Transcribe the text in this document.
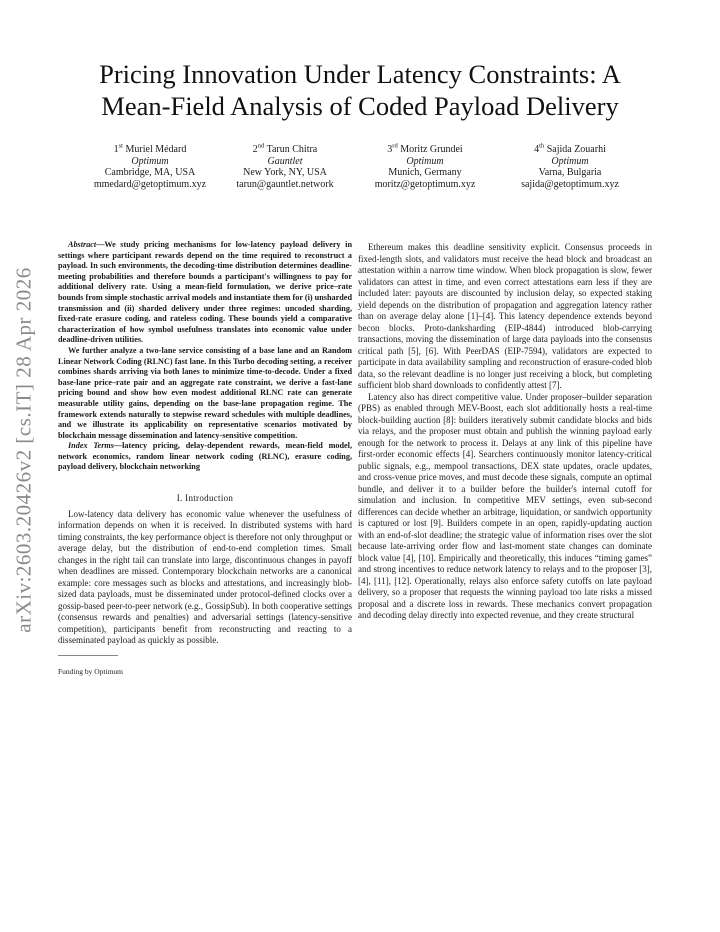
arXiv:2603.20426v2 [cs.IT] 28 Apr 2026
Pricing Innovation Under Latency Constraints: A
Mean-Field Analysis of Coded Payload Delivery
1st Muriel Médard
Optimum
Cambridge, MA, USA
mmedard@getoptimum.xyz
2nd Tarun Chitra
Gauntlet
New York, NY, USA
tarun@gauntlet.network
3rd Moritz Grundei
Optimum
Munich, Germany
moritz@getoptimum.xyz
4th Sajida Zouarhi
Optimum
Varna, Bulgaria
sajida@getoptimum.xyz

Abstract—We study pricing mechanisms for low-latency payload delivery in settings where participant rewards depend on the time required to reconstruct a payload. In such environments, the decoding-time distribution determines deadline-meeting probabilities and therefore bounds a participant's willingness to pay for additional delivery rate. Using a mean-field formulation, we derive price–rate bounds from simple stochastic arrival models and instantiate them for (i) unsharded transmission and (ii) sharded delivery under three regimes: uncoded sharding, fixed-rate erasure coding, and rateless coding. These bounds yield a comparative characterization of how symbol usefulness translates into economic value under deadline-driven utilities.

We further analyze a two-lane service consisting of a base lane and an Random Linear Network Coding (RLNC) fast lane. In this Turbo decoding setting, a receiver combines shards arriving via both lanes to minimize time-to-decode. Under a fixed base-lane price–rate pair and an aggregate rate constraint, we derive a fast-lane pricing bound and show how even modest additional RLNC rate can generate measurable utility gains, depending on the base-lane propagation regime. The framework extends naturally to stepwise reward schedules with multiple deadlines, and we illustrate its applicability on representative scenarios motivated by blockchain message dissemination and latency-sensitive competition.

Index Terms—latency pricing, delay-dependent rewards, mean-field model, network economics, random linear network coding (RLNC), erasure coding, payload delivery, blockchain networking

I. Introduction

Low-latency data delivery has economic value whenever the usefulness of information depends on when it is received. In distributed systems with hard timing constraints, the key performance object is therefore not only throughput or average delay, but the distribution of end-to-end completion times. Small changes in the right tail can translate into large, discontinuous changes in payoff when deadlines are missed. Contemporary blockchain networks are a canonical example: core messages such as blocks and attestations, and increasingly blob-sized data payloads, must be disseminated under protocol-defined clocks over a gossip-based peer-to-peer network (e.g., GossipSub). In both cooperative settings (consensus rewards and penalties) and adversarial settings (latency-sensitive competition), participants benefit from reconstructing and reacting to a disseminated payload as quickly as possible.

Funding by Optimum

Ethereum makes this deadline sensitivity explicit. Consensus proceeds in fixed-length slots, and validators must receive the head block and broadcast an attestation within a narrow time window. When block propagation is slow, fewer validators can attest in time, and even correct attestations earn less if they are included later: payouts are discounted by inclusion delay, so expected staking yield depends on the distribution of propagation and aggregation latency rather than on average delay alone [1]–[4]. This latency dependence extends beyond becon blocks. Proto-danksharding (EIP-4844) introduced blob-carrying transactions, moving the dissemination of large data payloads into the consensus critical path [5], [6]. With PeerDAS (EIP-7594), validators are expected to participate in data availability sampling and reconstruction of erasure-coded blob data, so the relevant deadline is no longer just receiving a block, but completing sufficient blob shard downloads to confidently attest [7].

Latency also has direct competitive value. Under proposer–builder separation (PBS) as enabled through MEV-Boost, each slot additionally hosts a real-time block-building auction [8]: builders iteratively submit candidate blocks and bids via relays, and the proposer must obtain and publish the winning payload early enough for the network to process it. Delays at any link of this pipeline have first-order economic effects [4]. Searchers continuously monitor latency-critical public signals, e.g., mempool transactions, DEX state updates, oracle updates, and cross-venue price moves, and must decode these signals, compute an optimal bundle, and deliver it to a builder before the builder's internal cutoff for simulation and inclusion. In competitive MEV settings, even sub-second differences can decide whether an arbitrage, liquidation, or sandwich opportunity is captured or lost [9]. Builders compete in an open, rapidly-updating auction with an end-of-slot deadline; the strategic value of information rises over the slot because late-arriving order flow and last-moment state changes can dominate block value [4], [10]. Empirically and theoretically, this induces “timing games” and strong incentives to reduce network latency to relays and to the proposer [3], [4], [11], [12]. Operationally, relays also enforce safety cutoffs on late payload delivery, so a proposer that requests the winning payload too late risks a missed proposal and a discrete loss in rewards. These mechanics convert propagation and decoding delay directly into expected revenue, and they create structural
